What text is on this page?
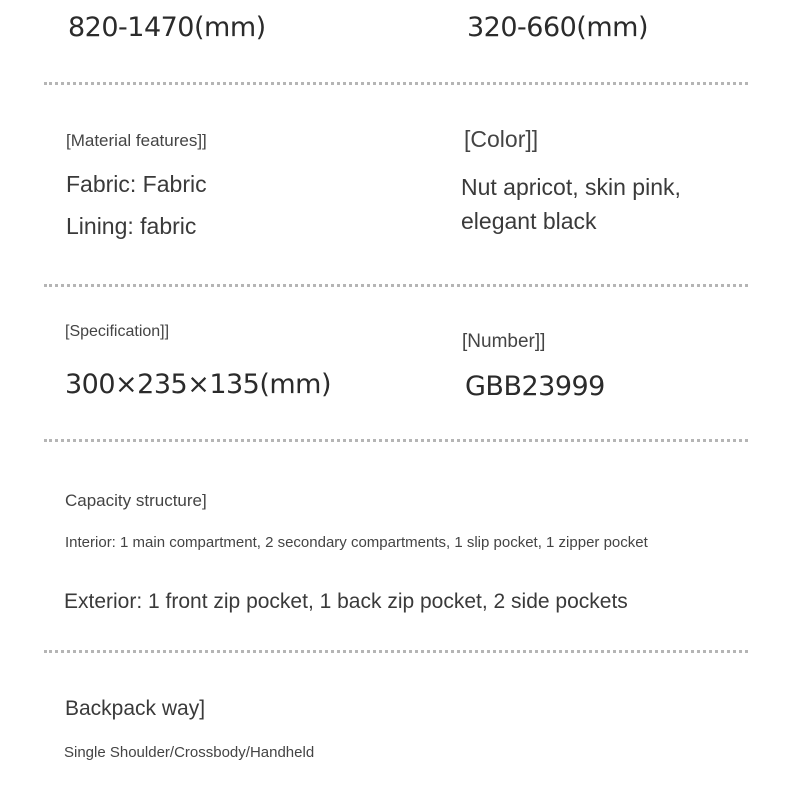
820-1470(mm)	320-660(mm)
[Material features]]
Fabric: Fabric
Lining: fabric
[Color]]
Nut apricot, skin pink, elegant black
[Specification]]
300×235×135(mm)
[Number]]
GBB23999
Capacity structure]
Interior: 1 main compartment, 2 secondary compartments, 1 slip pocket, 1 zipper pocket
Exterior: 1 front zip pocket, 1 back zip pocket, 2 side pockets
Backpack way]
Single Shoulder/Crossbody/Handheld
